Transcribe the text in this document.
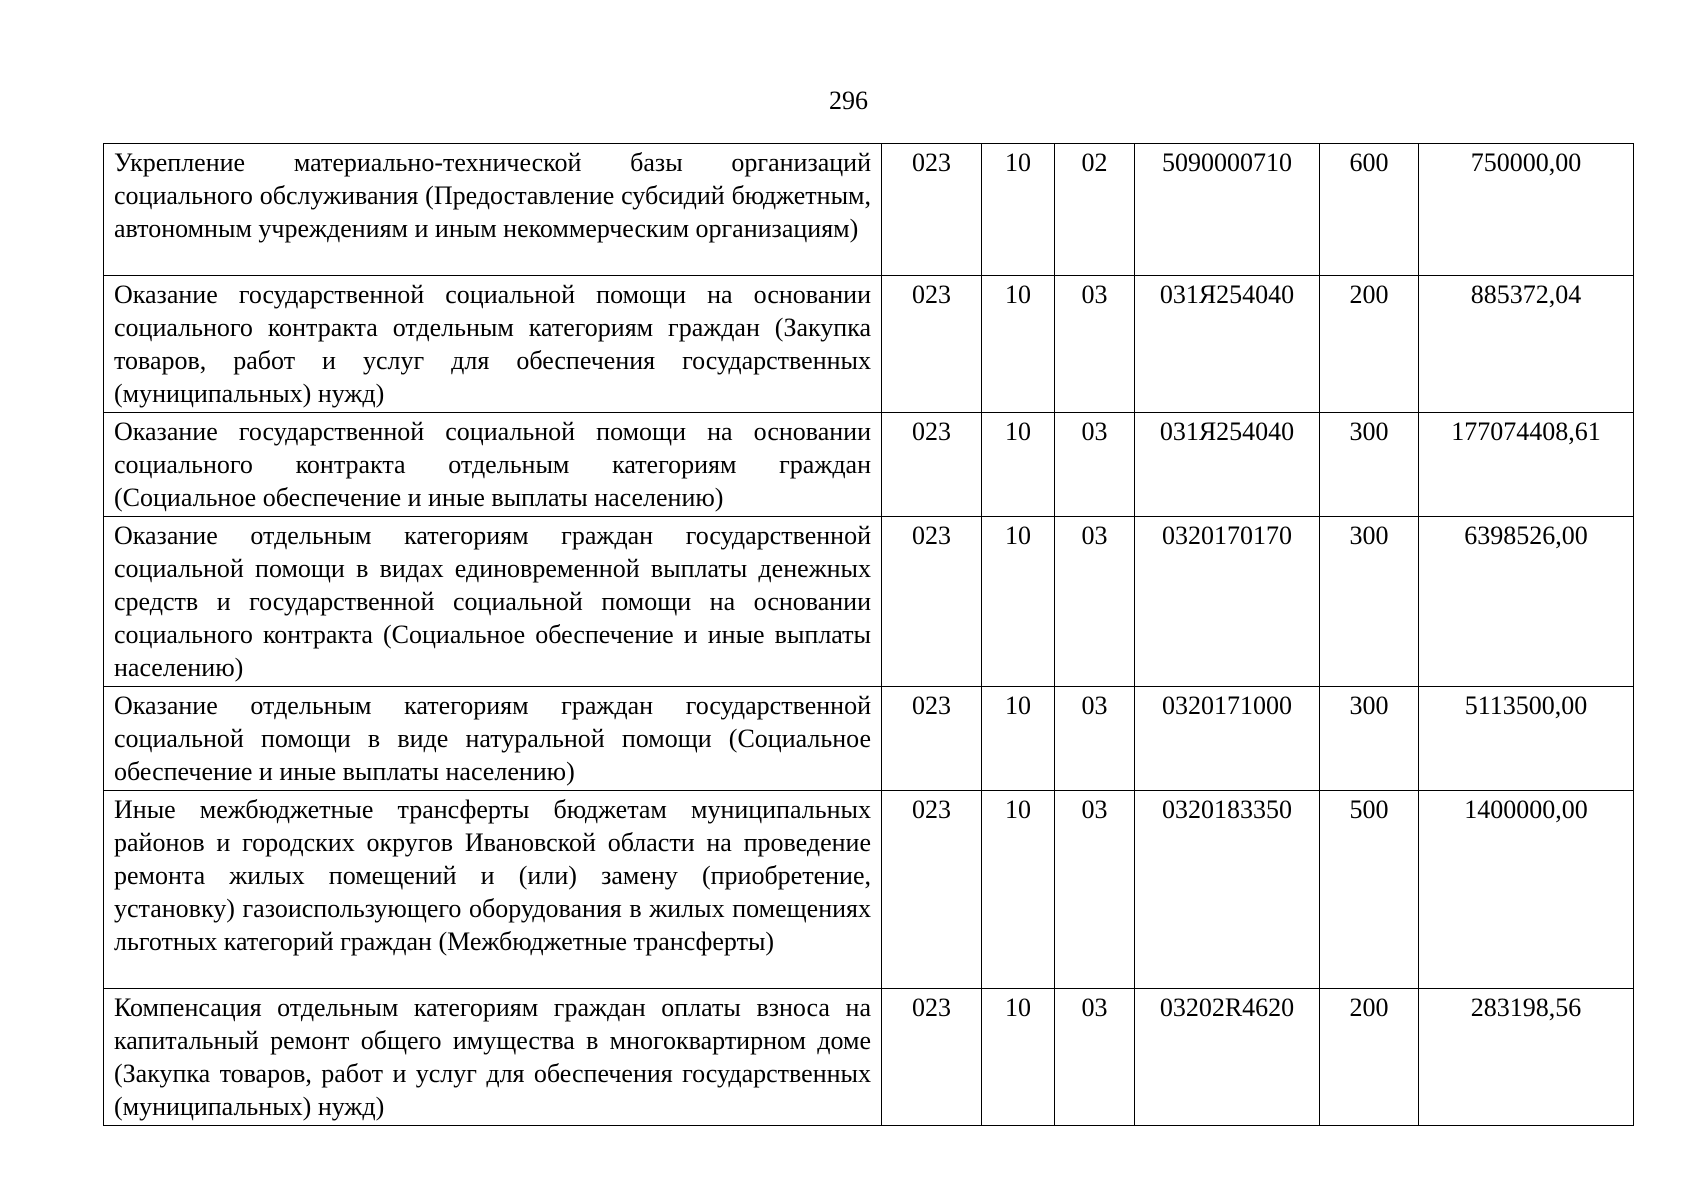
296
Укрепление материально-технической базы организаций социального обслуживания (Предоставление субсидий бюджетным, автономным учреждениям и иным некоммерческим организациям)	023	10	02	5090000710	600	750000,00
Оказание государственной социальной помощи на основании социального контракта отдельным категориям граждан (Закупка товаров, работ и услуг для обеспечения государственных (муниципальных) нужд)	023	10	03	031Я254040	200	885372,04
Оказание государственной социальной помощи на основании социального контракта отдельным категориям граждан (Социальное обеспечение и иные выплаты населению)	023	10	03	031Я254040	300	177074408,61
Оказание отдельным категориям граждан государственной социальной помощи в видах единовременной выплаты денежных средств и государственной социальной помощи на основании социального контракта (Социальное обеспечение и иные выплаты населению)	023	10	03	0320170170	300	6398526,00
Оказание отдельным категориям граждан государственной социальной помощи в виде натуральной помощи (Социальное обеспечение и иные выплаты населению)	023	10	03	0320171000	300	5113500,00
Иные межбюджетные трансферты бюджетам муниципальных районов и городских округов Ивановской области на проведение ремонта жилых помещений и (или) замену (приобретение, установку) газоиспользующего оборудования в жилых помещениях льготных категорий граждан (Межбюджетные трансферты)	023	10	03	0320183350	500	1400000,00
Компенсация отдельным категориям граждан оплаты взноса на капитальный ремонт общего имущества в многоквартирном доме (Закупка товаров, работ и услуг для обеспечения государственных (муниципальных) нужд)	023	10	03	03202R4620	200	283198,56
